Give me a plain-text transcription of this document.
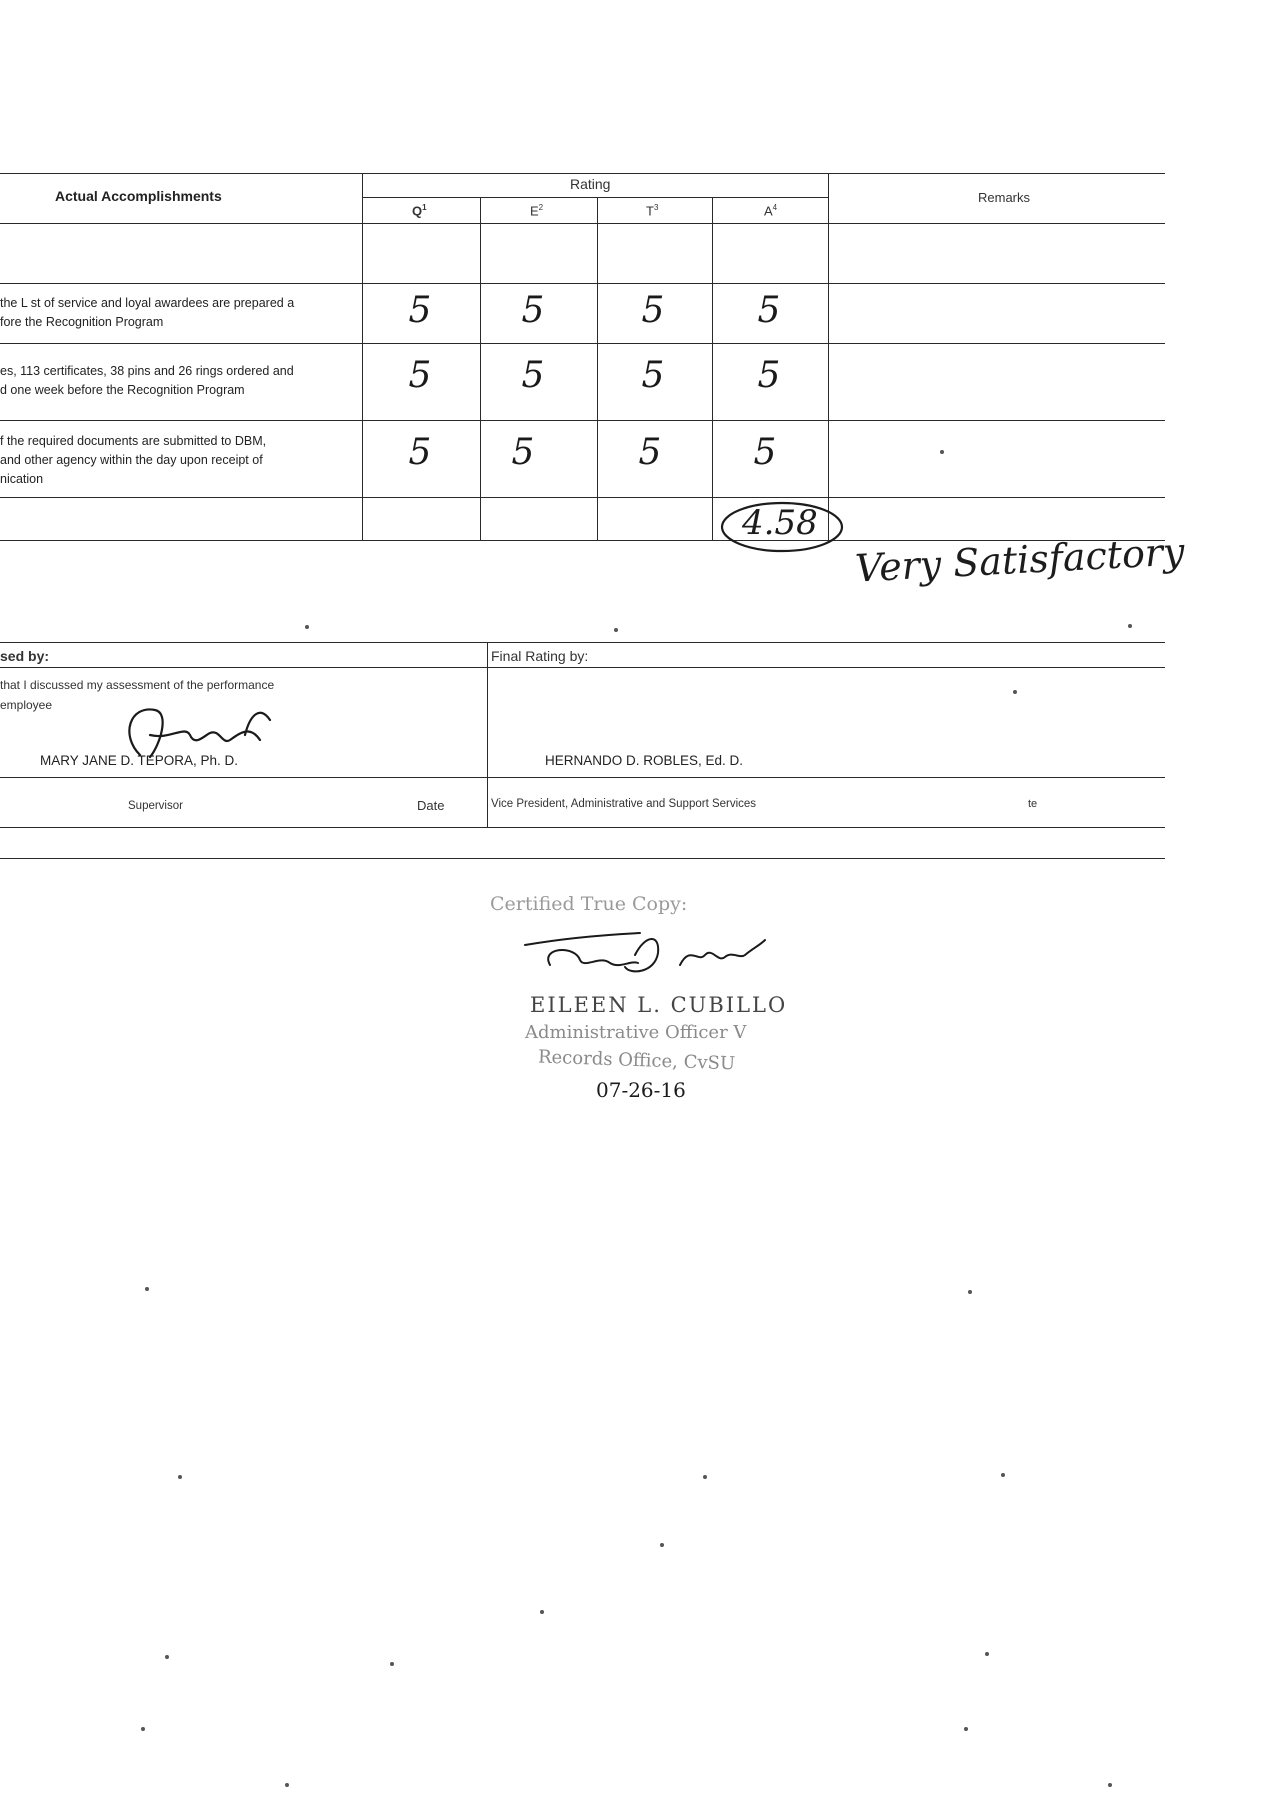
Actual Accomplishments
Rating
Remarks
$Q^1$	$E^2$	$T^3$	$A^4$
the L st of service and loyal awardees are prepared a
fore the Recognition Program	5	5	5	5
es, 113 certificates, 38 pins and 26 rings ordered and
d one week before the Recognition Program	5	5	5	5
f the required documents are submitted to DBM,
and other agency within the day upon receipt of
nication
5	5	5	5
4.58
Very Satisfactory
sed by:
that I discussed my assessment of the performance
employee
MARY JANE D. TEPORA, Ph. D.
Supervisor	Date
Final Rating by:
HERNANDO D. ROBLES, Ed. D.
Vice President, Administrative and Support Services	te
Certified True Copy:
EILEEN L. CUBILLO
Administrative Officer V
Records Office, CvSU
07-26-16
